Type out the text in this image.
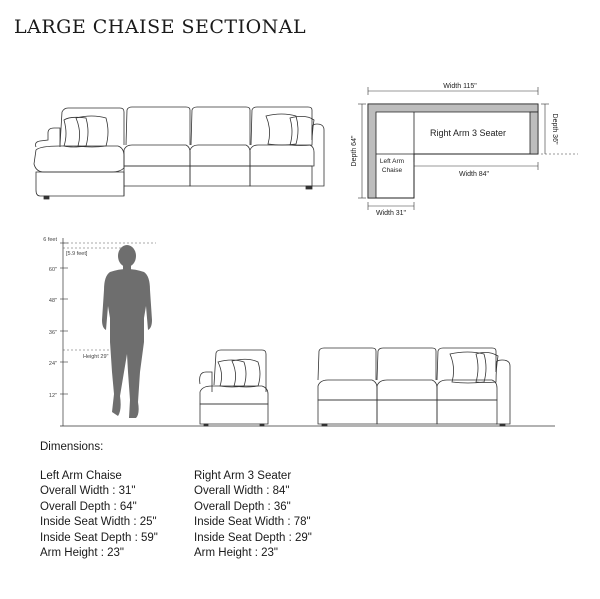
LARGE CHAISE SECTIONAL
Width 115"
Right Arm 3 Seater
Left Arm
Chaise
Depth 64"
Depth 36"
Width 84"
Width 31"
6 feet
[5.9 feet]
60"
48"
36"
24"
12"
Height 29"
Dimensions:
Left Arm Chaise
Overall Width : 31"
Overall Depth : 64"
Inside Seat Width : 25"
Inside Seat Depth : 59"
Arm Height : 23"
Right Arm 3 Seater
Overall Width : 84"
Overall Depth : 36"
Inside Seat Width : 78"
Inside Seat Depth : 29"
Arm Height : 23"
